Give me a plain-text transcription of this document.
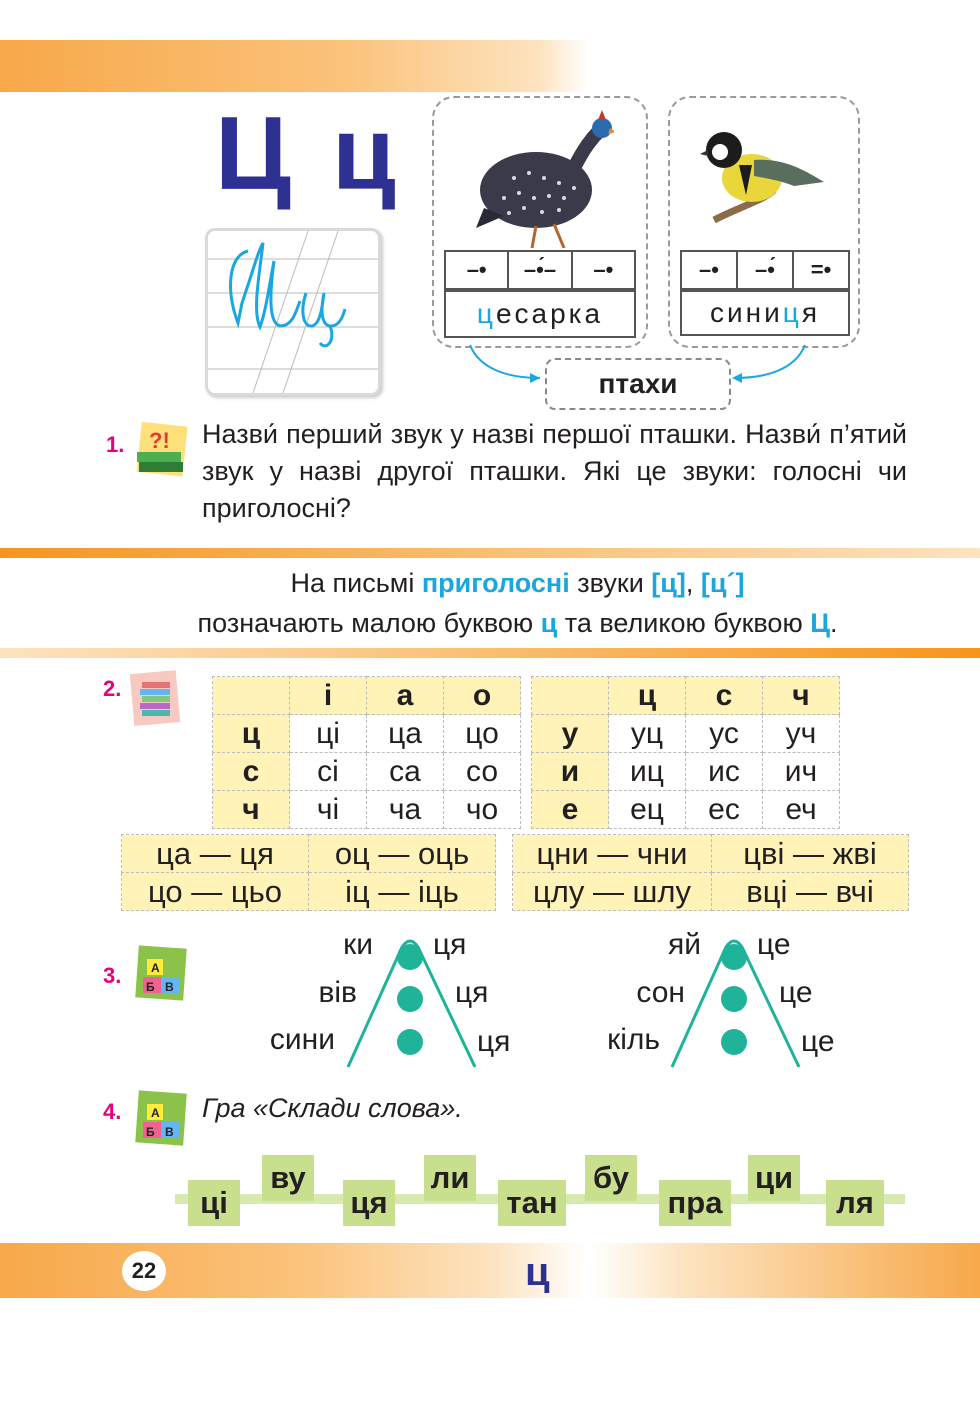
Ц ц
–•	–•́–	–•
ц есарка
–•	–•́	=•
сини ц я
птахи
1. ?! Назви́ перший звук у назві першої пташки. Назви́ п’ятий звук у назві другої пташки. Які це звуки: голосні чи приголосні?
На письмі приголосні звуки [ц], [ц´]
позначають малою буквою ц та великою буквою Ц.
2.
		і	а	о
ц	ці	ца	цо
с	сі	са	со
ч	чі	ча	чо
	ц	с	ч
у	уц	ус	уч
и	иц	ис	ич
е	ец	ес	еч
ца — ця	оц — оць
цо — цьо	іц — іць
цни — чни	цві — жві
цлу — шлу	вці — вчі
3. Б В
А
ки
вів
сини
ця
ця
ця
яй
сон
кіль
це
це
це
4.
Б В
А Гра «Склади слова».
ці
ву
ця
ли
тан
бу
пра
ци
ля
22	ц
